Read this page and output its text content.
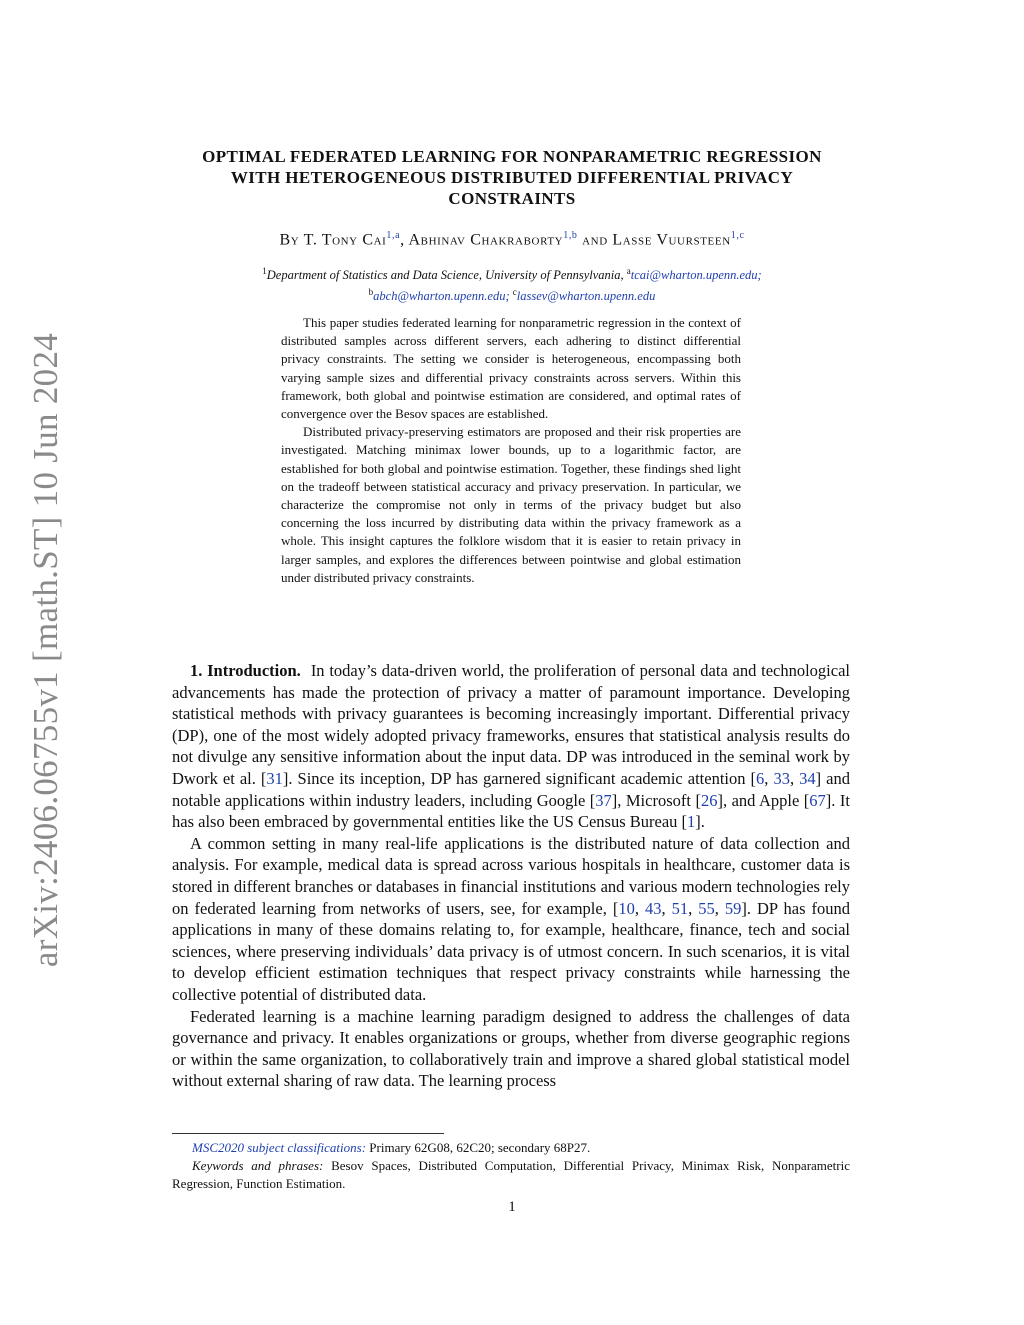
arXiv:2406.06755v1 [math.ST] 10 Jun 2024
OPTIMAL FEDERATED LEARNING FOR NONPARAMETRIC REGRESSION
WITH HETEROGENEOUS DISTRIBUTED DIFFERENTIAL PRIVACY
CONSTRAINTS
By T. Tony Cai$^{1,a}$, Abhinav Chakraborty$^{1,b}$ and Lasse Vuursteen$^{1,c}$
$^1$Department of Statistics and Data Science, University of Pennsylvania, $^a$tcai@wharton.upenn.edu;
$^b$abch@wharton.upenn.edu; $^c$lassev@wharton.upenn.edu

This paper studies federated learning for nonparametric regression in the context of distributed samples across different servers, each adhering to distinct differential privacy constraints. The setting we consider is heterogeneous, encompassing both varying sample sizes and differential privacy constraints across servers. Within this framework, both global and pointwise estimation are considered, and optimal rates of convergence over the Besov spaces are established.

Distributed privacy-preserving estimators are proposed and their risk properties are investigated. Matching minimax lower bounds, up to a logarithmic factor, are established for both global and pointwise estimation. Together, these findings shed light on the tradeoff between statistical accuracy and privacy preservation. In particular, we characterize the compromise not only in terms of the privacy budget but also concerning the loss incurred by distributing data within the privacy framework as a whole. This insight captures the folklore wisdom that it is easier to retain privacy in larger samples, and explores the differences between pointwise and global estimation under distributed privacy constraints.

1. Introduction. In today’s data-driven world, the proliferation of personal data and technological advancements has made the protection of privacy a matter of paramount importance. Developing statistical methods with privacy guarantees is becoming increasingly important. Differential privacy (DP), one of the most widely adopted privacy frameworks, ensures that statistical analysis results do not divulge any sensitive information about the input data. DP was introduced in the seminal work by Dwork et al. [31]. Since its inception, DP has garnered significant academic attention [6, 33, 34] and notable applications within industry leaders, including Google [37], Microsoft [26], and Apple [67]. It has also been embraced by governmental entities like the US Census Bureau [1].

A common setting in many real-life applications is the distributed nature of data collection and analysis. For example, medical data is spread across various hospitals in healthcare, customer data is stored in different branches or databases in financial institutions and various modern technologies rely on federated learning from networks of users, see, for example, [10, 43, 51, 55, 59]. DP has found applications in many of these domains relating to, for example, healthcare, finance, tech and social sciences, where preserving individuals’ data privacy is of utmost concern. In such scenarios, it is vital to develop efficient estimation techniques that respect privacy constraints while harnessing the collective potential of distributed data.

Federated learning is a machine learning paradigm designed to address the challenges of data governance and privacy. It enables organizations or groups, whether from diverse geographic regions or within the same organization, to collaboratively train and improve a shared global statistical model without external sharing of raw data. The learning process

MSC2020 subject classifications: Primary 62G08, 62C20; secondary 68P27.

Keywords and phrases: Besov Spaces, Distributed Computation, Differential Privacy, Minimax Risk, Nonparametric Regression, Function Estimation.

1
